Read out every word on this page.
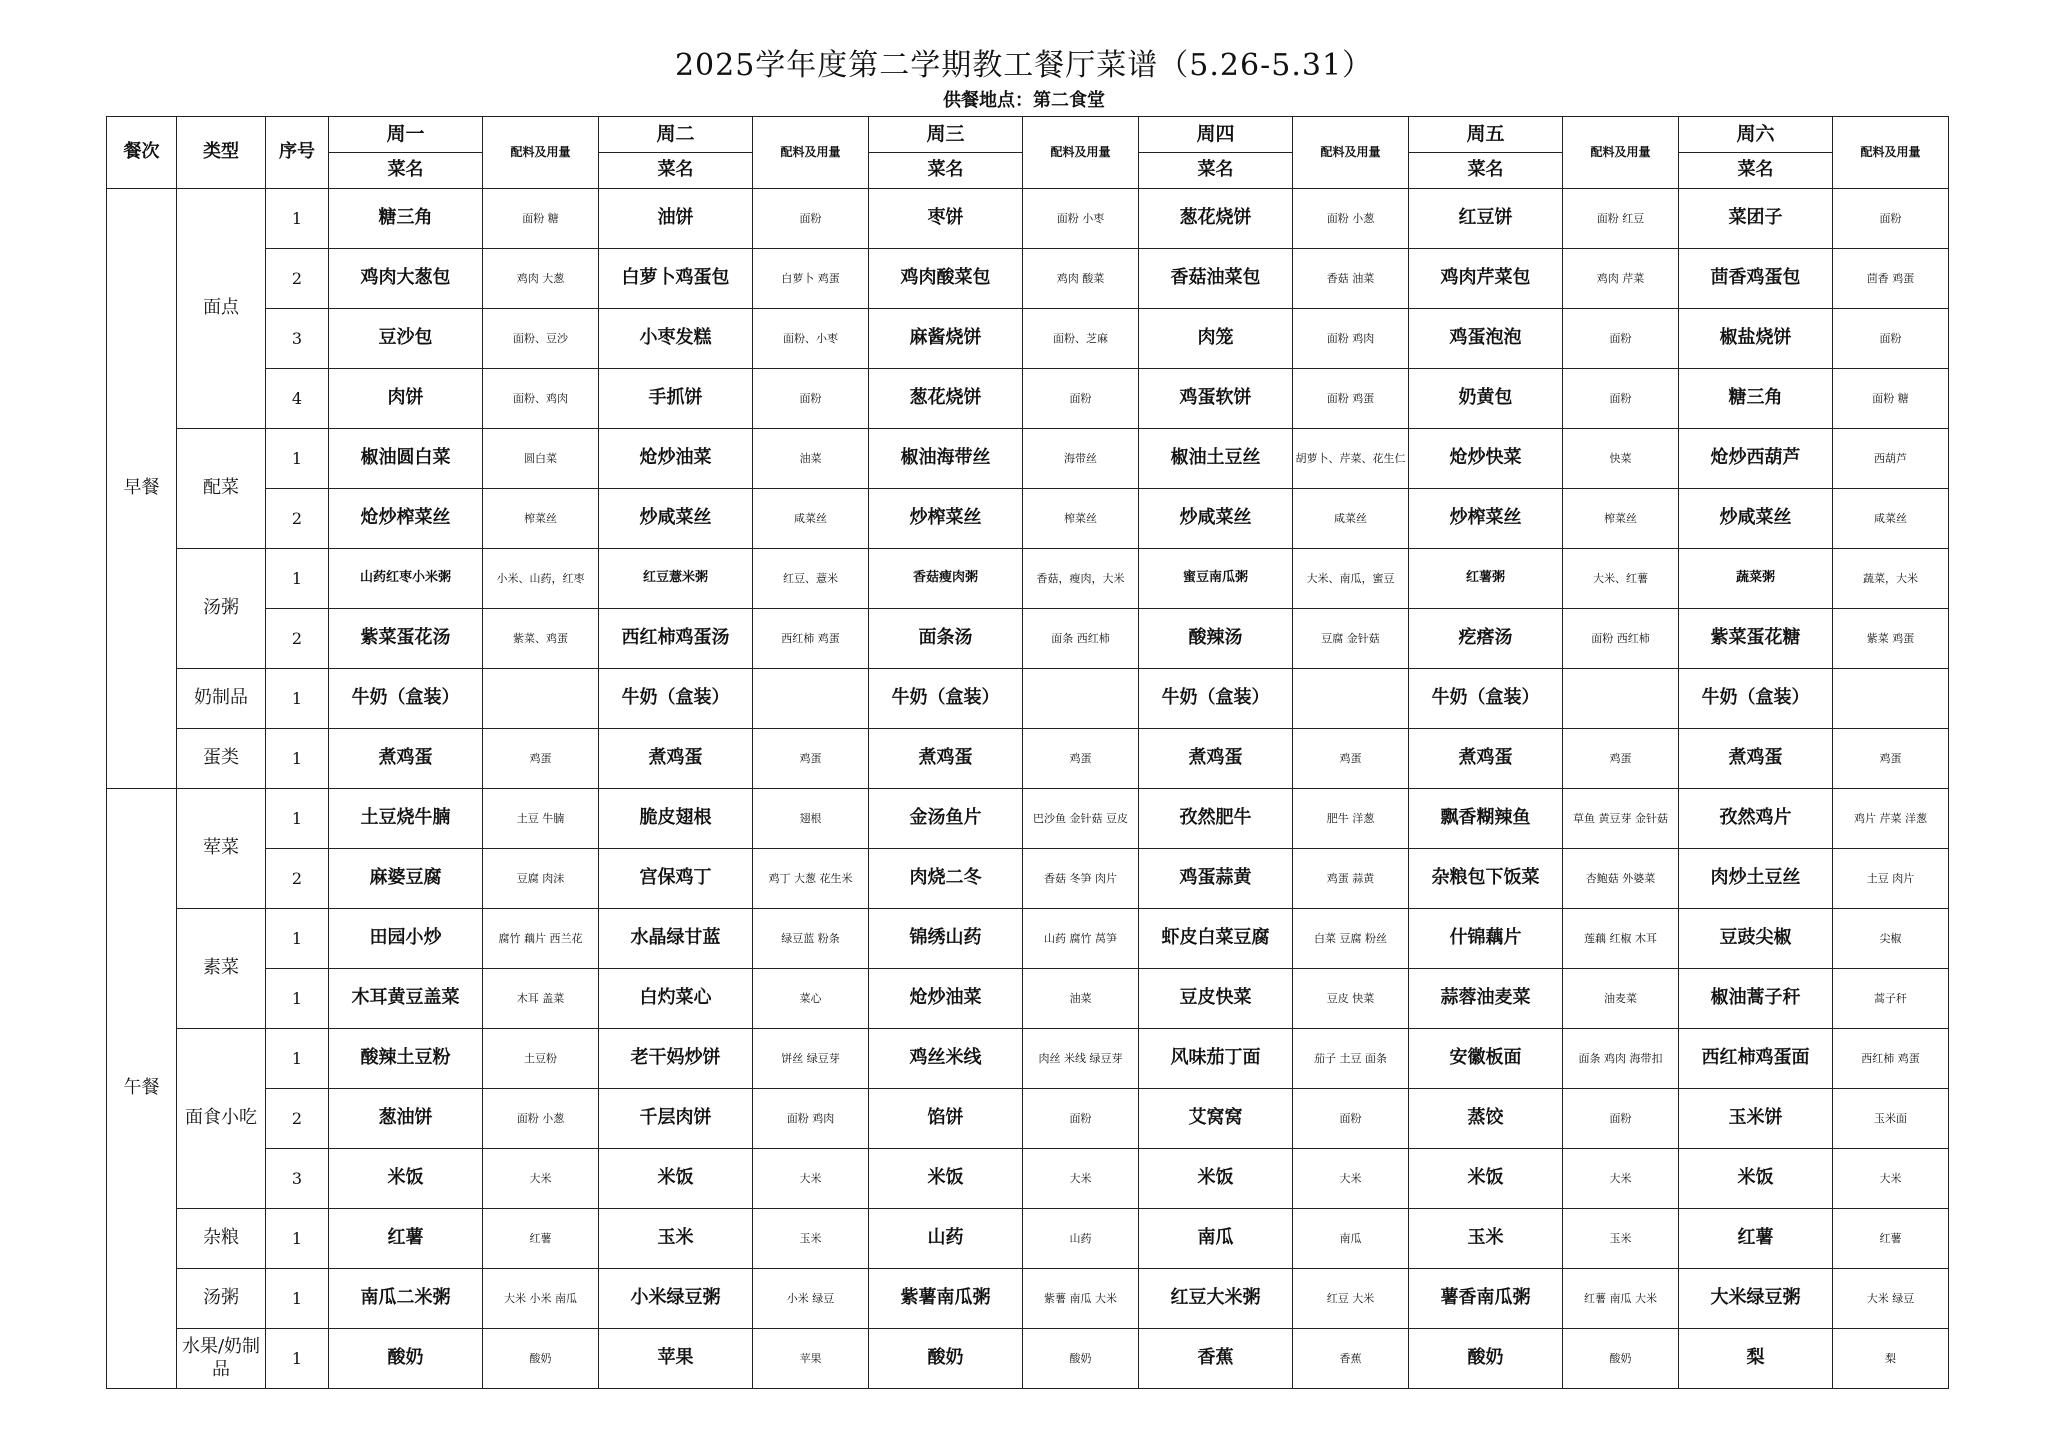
2025学年度第二学期教工餐厅菜谱（5.26-5.31）
供餐地点：第二食堂
餐次	类型	序号	周一	配料及用量	周二	配料及用量	周三	配料及用量	周四	配料及用量	周五	配料及用量	周六	配料及用量
			菜名		菜名		菜名		菜名		菜名		菜名	
早餐	面点	1	糖三角	面粉 糖	油饼	面粉	枣饼	面粉 小枣	葱花烧饼	面粉 小葱	红豆饼	面粉 红豆	菜团子	面粉
		2	鸡肉大葱包	鸡肉 大葱	白萝卜鸡蛋包	白萝卜 鸡蛋	鸡肉酸菜包	鸡肉 酸菜	香菇油菜包	香菇 油菜	鸡肉芹菜包	鸡肉 芹菜	茴香鸡蛋包	茴香 鸡蛋
		3	豆沙包	面粉、豆沙	小枣发糕	面粉、小枣	麻酱烧饼	面粉、芝麻	肉笼	面粉 鸡肉	鸡蛋泡泡	面粉	椒盐烧饼	面粉
		4	肉饼	面粉、鸡肉	手抓饼	面粉	葱花烧饼	面粉	鸡蛋软饼	面粉 鸡蛋	奶黄包	面粉	糖三角	面粉 糖
	配菜	1	椒油圆白菜	圆白菜	炝炒油菜	油菜	椒油海带丝	海带丝	椒油土豆丝	胡萝卜、芹菜、花生仁	炝炒快菜	快菜	炝炒西葫芦	西葫芦
		2	炝炒榨菜丝	榨菜丝	炒咸菜丝	咸菜丝	炒榨菜丝	榨菜丝	炒咸菜丝	咸菜丝	炒榨菜丝	榨菜丝	炒咸菜丝	咸菜丝
	汤粥	1	山药红枣小米粥	小米、山药，红枣	红豆薏米粥	红豆、薏米	香菇瘦肉粥	香菇，瘦肉，大米	蜜豆南瓜粥	大米、南瓜，蜜豆	红薯粥	大米、红薯	蔬菜粥	蔬菜，大米
		2	紫菜蛋花汤	紫菜、鸡蛋	西红柿鸡蛋汤	西红柿 鸡蛋	面条汤	面条 西红柿	酸辣汤	豆腐 金针菇	疙瘩汤	面粉 西红柿	紫菜蛋花糖	紫菜 鸡蛋
	奶制品	1	牛奶（盒装）		牛奶（盒装）		牛奶（盒装）		牛奶（盒装）		牛奶（盒装）		牛奶（盒装）	
	蛋类	1	煮鸡蛋	鸡蛋	煮鸡蛋	鸡蛋	煮鸡蛋	鸡蛋	煮鸡蛋	鸡蛋	煮鸡蛋	鸡蛋	煮鸡蛋	鸡蛋
午餐	荤菜	1	土豆烧牛腩	土豆 牛腩	脆皮翅根	翅根	金汤鱼片	巴沙鱼 金针菇 豆皮	孜然肥牛	肥牛 洋葱	飘香糊辣鱼	草鱼 黄豆芽 金针菇	孜然鸡片	鸡片 芹菜 洋葱
		2	麻婆豆腐	豆腐 肉沫	宫保鸡丁	鸡丁 大葱 花生米	肉烧二冬	香菇 冬笋 肉片	鸡蛋蒜黄	鸡蛋 蒜黄	杂粮包下饭菜	杏鲍菇 外婆菜	肉炒土豆丝	土豆 肉片
	素菜	1	田园小炒	腐竹 藕片 西兰花	水晶绿甘蓝	绿豆蓝 粉条	锦绣山药	山药 腐竹 莴笋	虾皮白菜豆腐	白菜 豆腐 粉丝	什锦藕片	莲藕 红椒 木耳	豆豉尖椒	尖椒
		1	木耳黄豆盖菜	木耳 盖菜	白灼菜心	菜心	炝炒油菜	油菜	豆皮快菜	豆皮 快菜	蒜蓉油麦菜	油麦菜	椒油蒿子秆	蒿子秆
	面食小吃	1	酸辣土豆粉	土豆粉	老干妈炒饼	饼丝 绿豆芽	鸡丝米线	肉丝 米线 绿豆芽	风味茄丁面	茄子 土豆 面条	安徽板面	面条 鸡肉 海带扣	西红柿鸡蛋面	西红柿 鸡蛋
		2	葱油饼	面粉 小葱	千层肉饼	面粉 鸡肉	馅饼	面粉	艾窝窝	面粉	蒸饺	面粉	玉米饼	玉米面
		3	米饭	大米	米饭	大米	米饭	大米	米饭	大米	米饭	大米	米饭	大米
	杂粮	1	红薯	红薯	玉米	玉米	山药	山药	南瓜	南瓜	玉米	玉米	红薯	红薯
	汤粥	1	南瓜二米粥	大米 小米 南瓜	小米绿豆粥	小米 绿豆	紫薯南瓜粥	紫薯 南瓜 大米	红豆大米粥	红豆 大米	薯香南瓜粥	红薯 南瓜 大米	大米绿豆粥	大米 绿豆
	水果/奶制品	1	酸奶	酸奶	苹果	苹果	酸奶	酸奶	香蕉	香蕉	酸奶	酸奶	梨	梨
